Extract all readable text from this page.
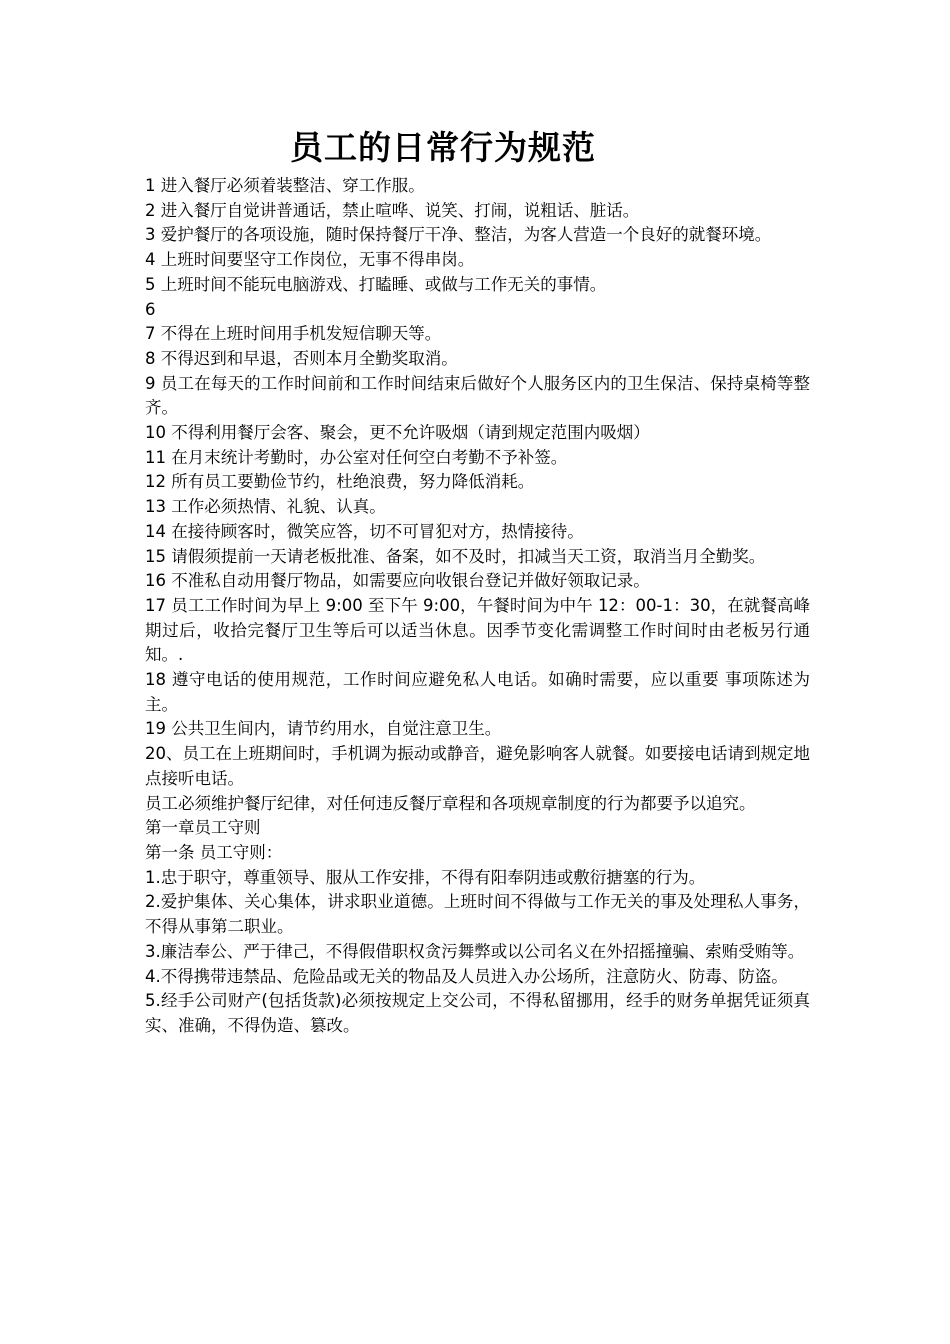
员工的日常行为规范

1 进入餐厅必须着装整洁、穿工作服。

2 进入餐厅自觉讲普通话，禁止喧哗、说笑、打闹，说粗话、脏话。

3 爱护餐厅的各项设施，随时保持餐厅干净、整洁，为客人营造一个良好的就餐环境。

4 上班时间要坚守工作岗位，无事不得串岗。

5 上班时间不能玩电脑游戏、打瞌睡、或做与工作无关的事情。

6

7 不得在上班时间用手机发短信聊天等。

8 不得迟到和早退，否则本月全勤奖取消。

9 员工在每天的工作时间前和工作时间结束后做好个人服务区内的卫生保洁、保持桌椅等整齐。

10 不得利用餐厅会客、聚会，更不允许吸烟（请到规定范围内吸烟）

11 在月末统计考勤时，办公室对任何空白考勤不予补签。

12 所有员工要勤俭节约，杜绝浪费，努力降低消耗。

13 工作必须热情、礼貌、认真。

14 在接待顾客时，微笑应答，切不可冒犯对方，热情接待。

15 请假须提前一天请老板批准、备案，如不及时，扣减当天工资，取消当月全勤奖。

16 不准私自动用餐厅物品，如需要应向收银台登记并做好领取记录。

17 员工工作时间为早上 9:00 至下午 9:00，午餐时间为中午 12：00-1：30，在就餐高峰期过后，收拾完餐厅卫生等后可以适当休息。因季节变化需调整工作时间时由老板另行通知。.

18 遵守电话的使用规范，工作时间应避免私人电话。如确时需要，应以重要 事项陈述为主。

19 公共卫生间内，请节约用水，自觉注意卫生。

20、员工在上班期间时，手机调为振动或静音，避免影响客人就餐。如要接电话请到规定地点接听电话。

员工必须维护餐厅纪律，对任何违反餐厅章程和各项规章制度的行为都要予以追究。

第一章员工守则

第一条 员工守则：

1.忠于职守，尊重领导、服从工作安排，不得有阳奉阴违或敷衍搪塞的行为。

2.爱护集体、关心集体，讲求职业道德。上班时间不得做与工作无关的事及处理私人事务，不得从事第二职业。

3.廉洁奉公、严于律己，不得假借职权贪污舞弊或以公司名义在外招摇撞骗、索贿受贿等。

4.不得携带违禁品、危险品或无关的物品及人员进入办公场所，注意防火、防毒、防盗。

5.经手公司财产(包括货款)必须按规定上交公司，不得私留挪用，经手的财务单据凭证须真实、准确，不得伪造、篡改。
